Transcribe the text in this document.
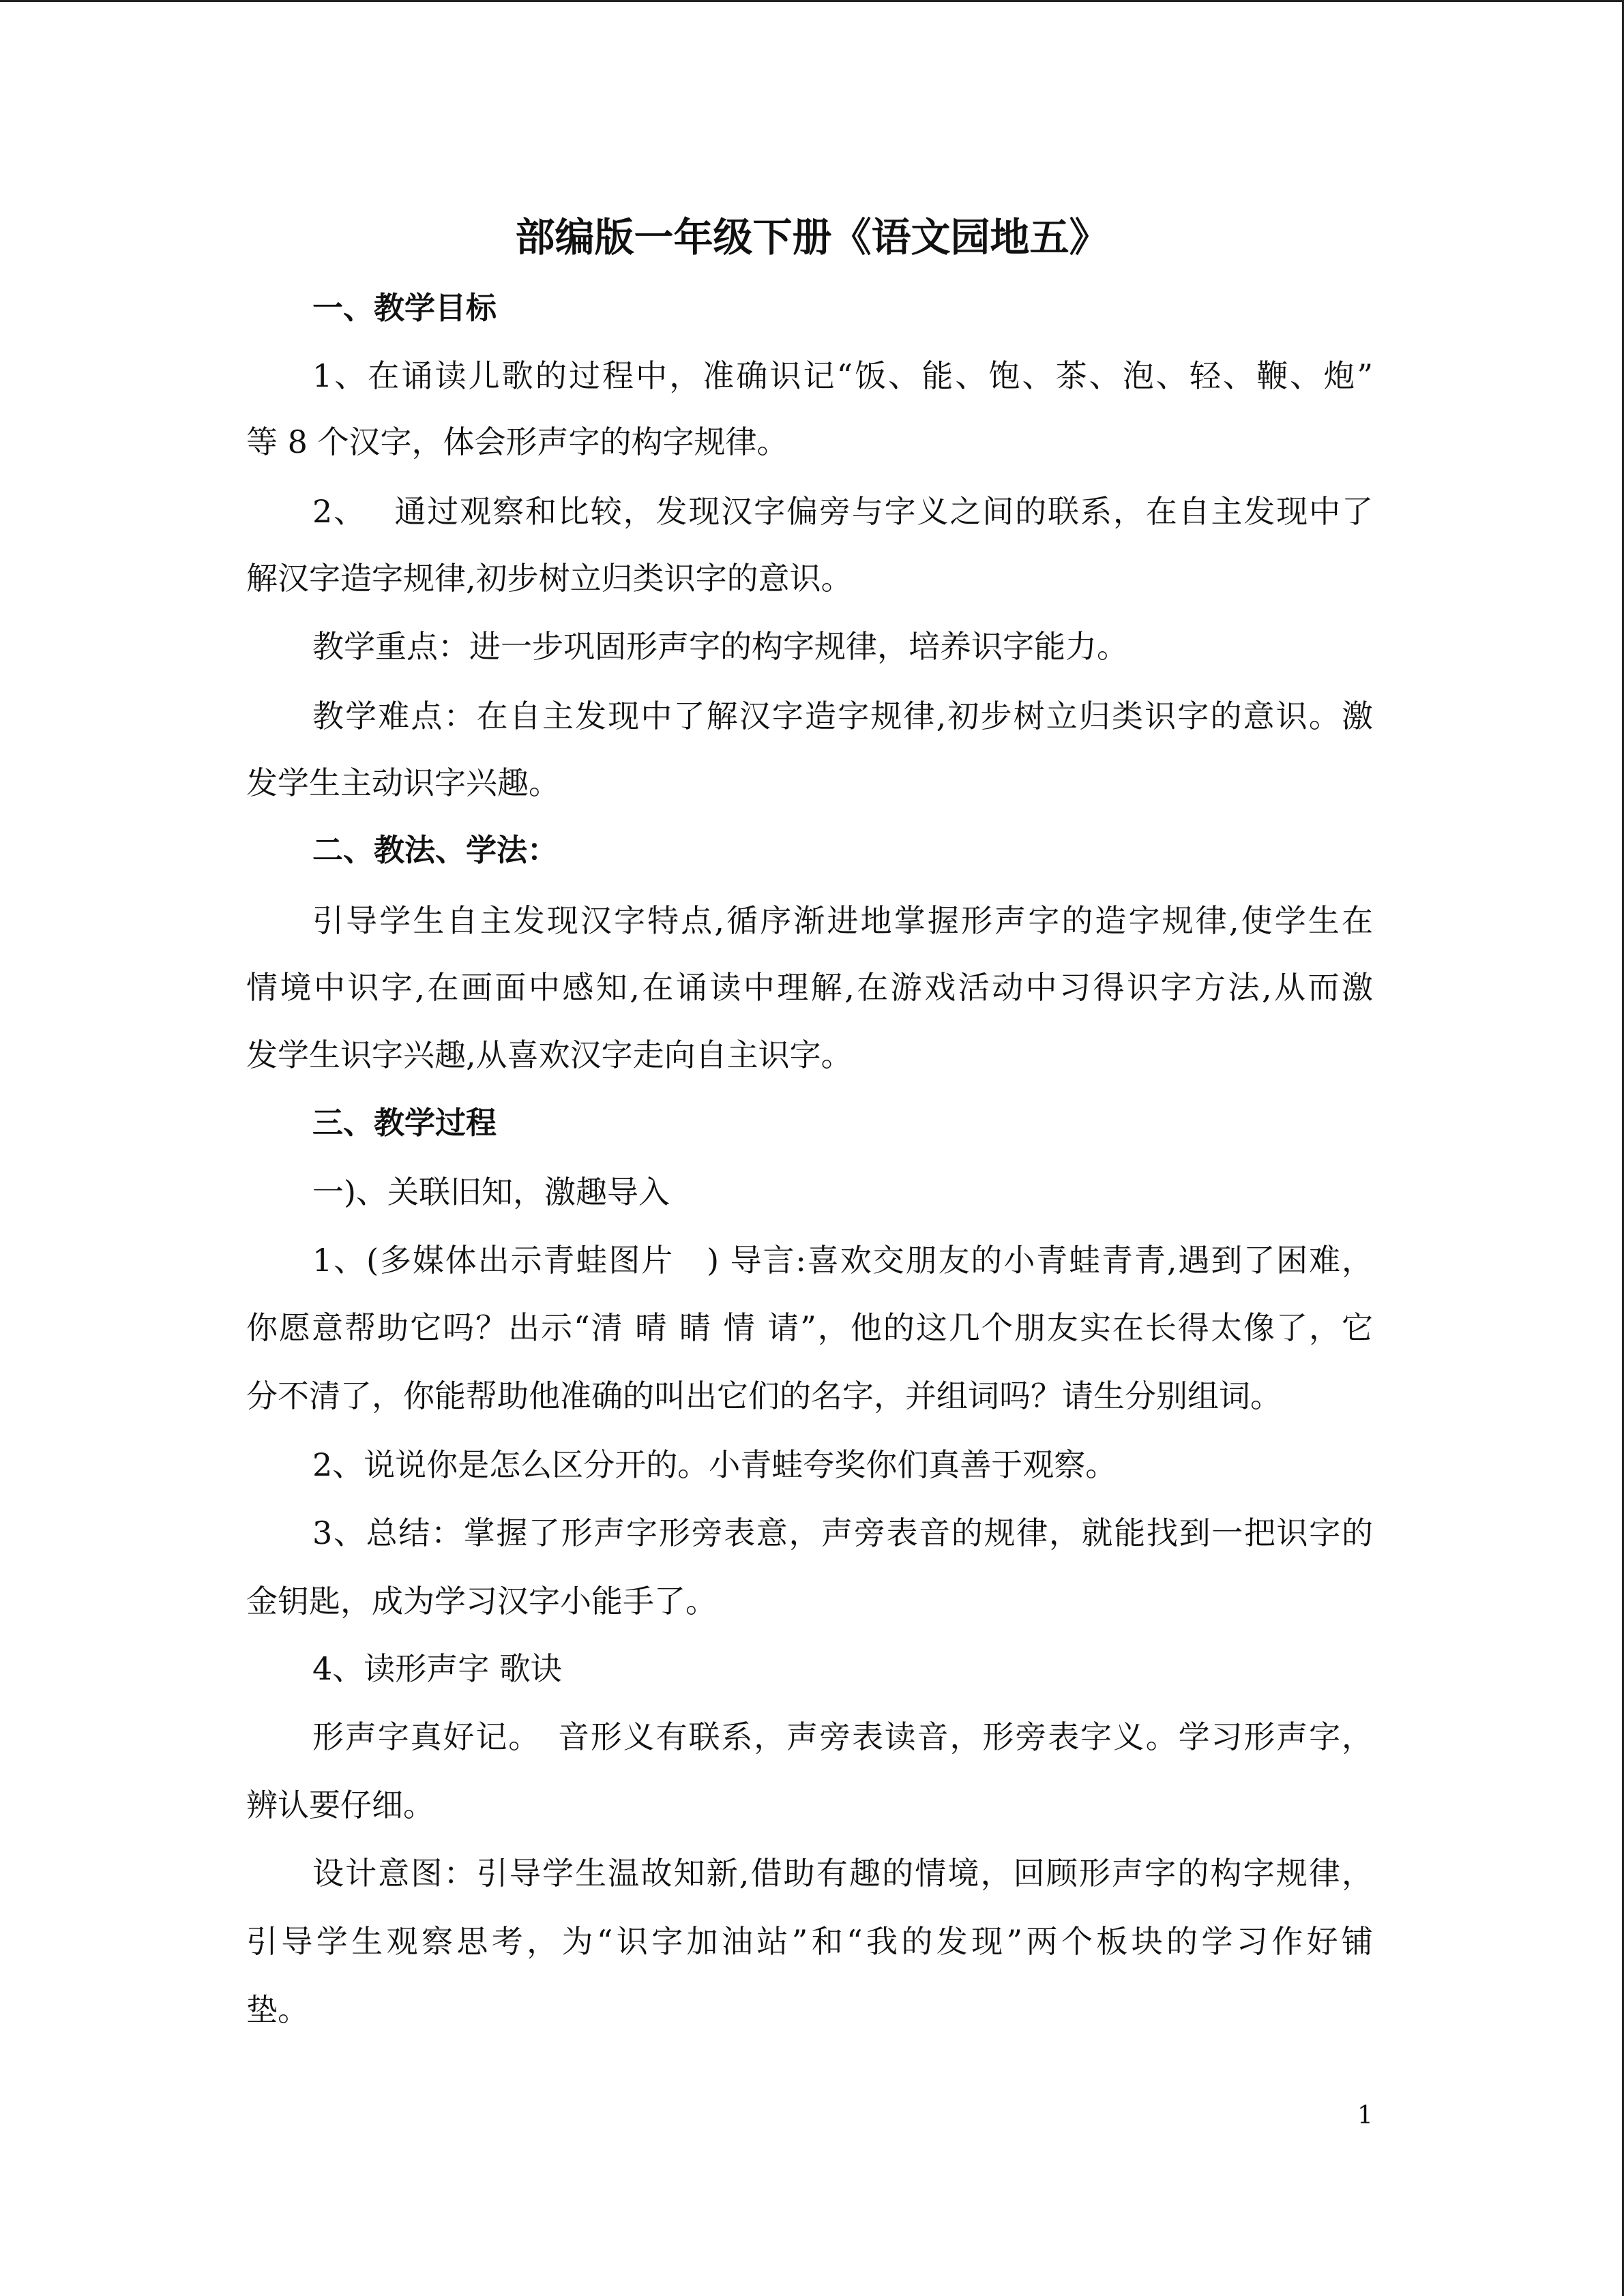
部编版一年级下册《语文园地五》

一、教学目标

1、在诵读儿歌的过程中，准确识记“饭、能、饱、茶、泡、轻、鞭、炮”

等 8 个汉字，体会形声字的构字规律。

2、　 通过观察和比较，发现汉字偏旁与字义之间的联系，在自主发现中了

解汉字造字规律,初步树立归类识字的意识。

教学重点：进一步巩固形声字的构字规律，培养识字能力。

教学难点：在自主发现中了解汉字造字规律,初步树立归类识字的意识。激

发学生主动识字兴趣。

二、教法、学法：

引导学生自主发现汉字特点,循序渐进地掌握形声字的造字规律,使学生在

情境中识字,在画面中感知,在诵读中理解,在游戏活动中习得识字方法,从而激

发学生识字兴趣,从喜欢汉字走向自主识字。

三、教学过程

一)、关联旧知，激趣导入

1、(多媒体出示青蛙图片　) 导言:喜欢交朋友的小青蛙青青,遇到了困难，

你愿意帮助它吗？出示“清 晴 睛 情 请”，他的这几个朋友实在长得太像了，它

分不清了，你能帮助他准确的叫出它们的名字，并组词吗？请生分别组词。

2、说说你是怎么区分开的。小青蛙夸奖你们真善于观察。

3、总结：掌握了形声字形旁表意，声旁表音的规律，就能找到一把识字的

金钥匙，成为学习汉字小能手了。

4、读形声字 歌诀

形声字真好记。　音形义有联系，声旁表读音，形旁表字义。学习形声字，

辨认要仔细。

设计意图：引导学生温故知新,借助有趣的情境，回顾形声字的构字规律，

引导学生观察思考，为“识字加油站”和“我的发现”两个板块的学习作好铺

垫。

1
